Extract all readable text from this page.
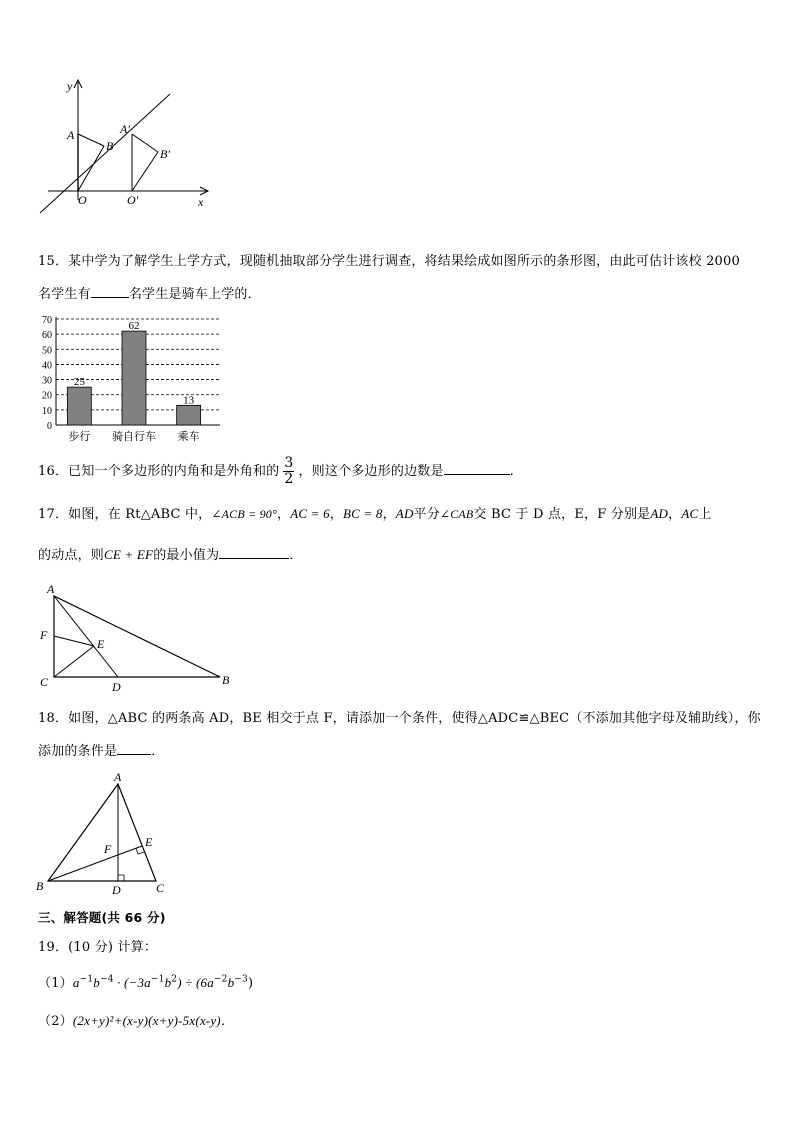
y
x
O	O′
A
B
A′
B′
15．某中学为了解学生上学方式，现随机抽取部分学生进行调查，将结果绘成如图所示的条形图，由此可估计该校 2000
名学生有	名学生是骑车上学的．
0
10
20
30
40
50
60
70
25
步行
62
骑自行车
13
乘车
16．已知一个多边形的内角和是外角和的 $\frac{3}{2}$ ，则这个多边形的边数是	.
17．如图，在 Rt△ABC 中，∠ACB = 90°，AC = 6，BC = 8，AD平分∠CAB交 BC 于 D 点，E，F 分别是AD，AC上
的动点，则CE + EF的最小值为	．
A
B
C	D
E
F
18．如图，△ABC 的两条高 AD，BE 相交于点 F，请添加一个条件，使得△ADC≌△BEC（不添加其他字母及辅助线），你
添加的条件是	．
A
B	C
D
E
F
三、解答题(共 66 分)
19．(10 分) 计算：
$(1)a^{-1}b^{-4} \cdot (-3a^{-1}b^2) \div (6a^{-2}b^{-3})$
（2）(2x+y)²+(x-y)(x+y)-5x(x-y)．
